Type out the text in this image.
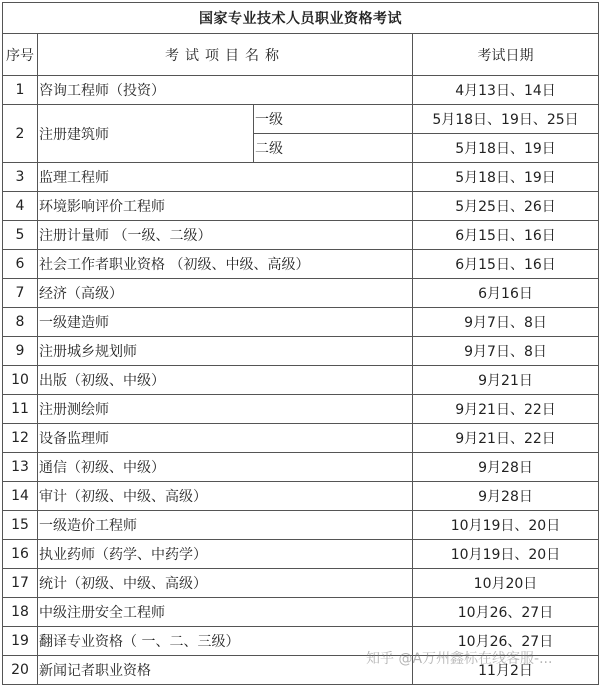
国家专业技术人员职业资格考试			
序号	考试项目名称		考试日期
1	咨询工程师（投资）		4月13日、14日
2	注册建筑师	一级	5月18日、19日、25日
		二级	5月18日、19日
3	监理工程师		5月18日、19日
4	环境影响评价工程师		5月25日、26日
5	注册计量师 （一级、二级）		6月15日、16日
6	社会工作者职业资格 （初级、中级、高级）		6月15日、16日
7	经济（高级）		6月16日
8	一级建造师		9月7日、8日
9	注册城乡规划师		9月7日、8日
10	出版（初级、中级）		9月21日
11	注册测绘师		9月21日、22日
12	设备监理师		9月21日、22日
13	通信（初级、中级）		9月28日
14	审计（初级、中级、高级）		9月28日
15	一级造价工程师		10月19日、20日
16	执业药师（药学、中药学）		10月19日、20日
17	统计（初级、中级、高级）		10月20日
18	中级注册安全工程师		10月26、27日
19	翻译专业资格（ 一、二、三级）		10月26、27日
20	新闻记者职业资格		11月2日
知乎 @A万州鑫标在线客服-...
